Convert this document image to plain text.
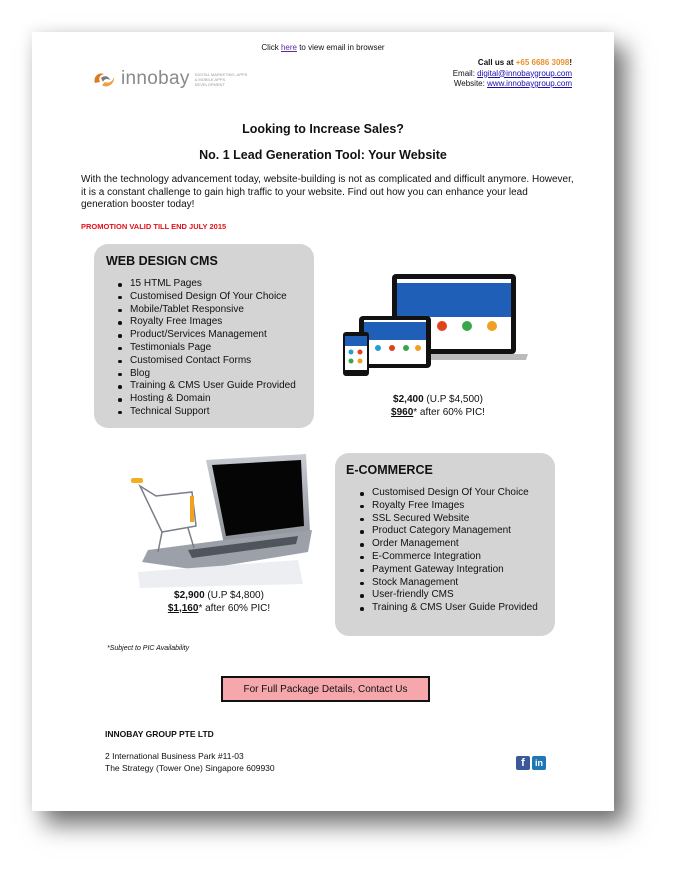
Click here to view email in browser
innobay DIGITAL MARKETING, APPS & MOBILE APPS DEVELOPMENT
Call us at +65 6686 3098!
Email: digital@innobaygroup.com
Website: www.innobaygroup.com
Looking to Increase Sales?
No. 1 Lead Generation Tool: Your Website
With the technology advancement today, website-building is not as complicated and difficult anymore. However, it is a constant challenge to gain high traffic to your website. Find out how you can enhance your lead generation booster today!
PROMOTION VALID TILL END JULY 2015
WEB DESIGN CMS
15 HTML Pages
Customised Design Of Your Choice
Mobile/Tablet Responsive
Royalty Free Images
Product/Services Management
Testimonials Page
Customised Contact Forms
Blog
Training & CMS User Guide Provided
Hosting & Domain
Technical Support
$2,400 (U.P $4,500)
$960* after 60% PIC!
$2,900 (U.P $4,800)
$1,160* after 60% PIC!
E-COMMERCE
Customised Design Of Your Choice
Royalty Free Images
SSL Secured Website
Product Category Management
Order Management
E-Commerce Integration
Payment Gateway Integration
Stock Management
User-friendly CMS
Training & CMS User Guide Provided
*Subject to PIC Availability
For Full Package Details, Contact Us
INNOBAY GROUP PTE LTD
2 International Business Park #11-03
The Strategy (Tower One) Singapore 609930	f	in
